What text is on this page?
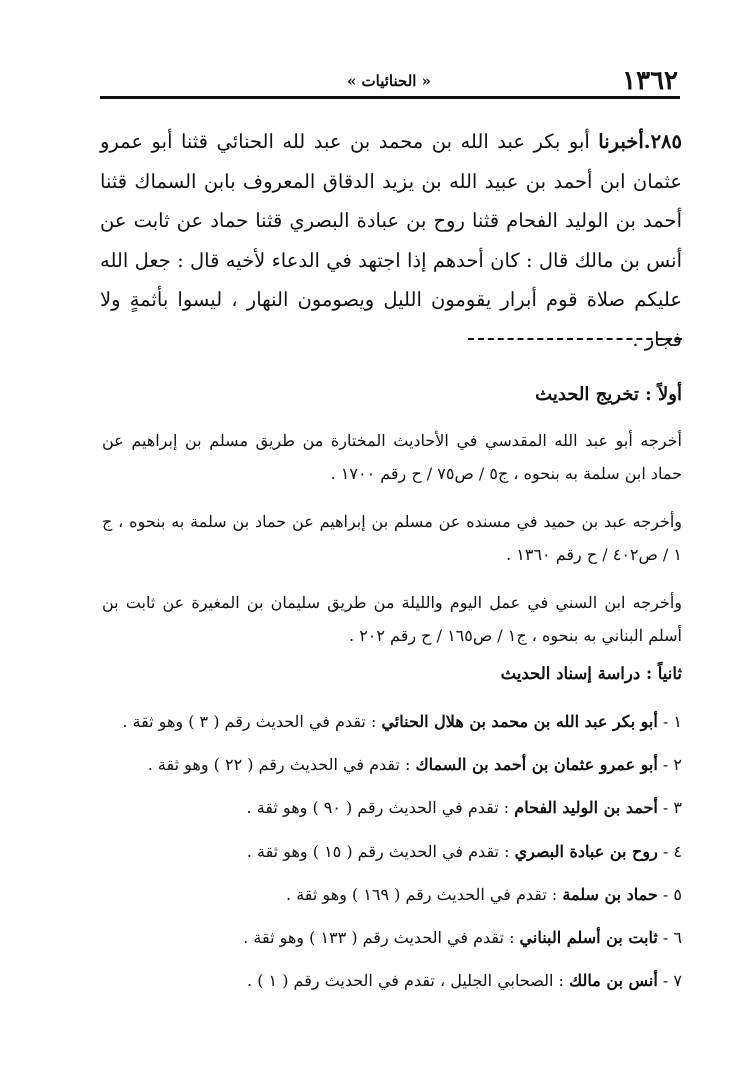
١٣٦٢
« الحنائيات »
٢٨٥.أخبرنا أبو بكر عبد الله بن محمد بن عبد لله الحنائي قثنا أبو عمرو عثمان ابن أحمد بن عبيد الله بن يزيد الدقاق المعروف بابن السماك قثنا أحمد بن الوليد الفحام قثنا روح بن عبادة البصري قثنا حماد عن ثابت عن أنس بن مالك قال : كان أحدهم إذا اجتهد في الدعاء لأخيه قال : جعل الله عليكم صلاة قوم أبرار يقومون الليل ويصومون النهار ، ليسوا بأثمةٍ ولا فجار .
أولاً : تخريج الحديث
أخرجه أبو عبد الله المقدسي في الأحاديث المختارة من طريق مسلم بن إبراهيم عن حماد ابن سلمة به بنحوه ، ج٥ / ص٧٥ / ح رقم ١٧٠٠ .
وأخرجه عبد بن حميد في مسنده عن مسلم بن إبراهيم عن حماد بن سلمة به بنحوه ، ج ١ / ص٤٠٢ / ح رقم ١٣٦٠ .
وأخرجه ابن السني في عمل اليوم والليلة من طريق سليمان بن المغيرة عن ثابت بن أسلم البناني به بنحوه ، ج١ / ص١٦٥ / ح رقم ٢٠٢ .
ثانياً : دراسة إسناد الحديث
١ - أبو بكر عبد الله بن محمد بن هلال الحنائي : تقدم في الحديث رقم ( ٣ ) وهو ثقة .
٢ - أبو عمرو عثمان بن أحمد بن السماك : تقدم في الحديث رقم ( ٢٢ ) وهو ثقة .
٣ - أحمد بن الوليد الفحام : تقدم في الحديث رقم ( ٩٠ ) وهو ثقة .
٤ - روح بن عبادة البصري : تقدم في الحديث رقم ( ١٥ ) وهو ثقة .
٥ - حماد بن سلمة : تقدم في الحديث رقم ( ١٦٩ ) وهو ثقة .
٦ - ثابت بن أسلم البناني : تقدم في الحديث رقم ( ١٣٣ ) وهو ثقة .
٧ - أنس بن مالك : الصحابي الجليل ، تقدم في الحديث رقم ( ١ ) .
